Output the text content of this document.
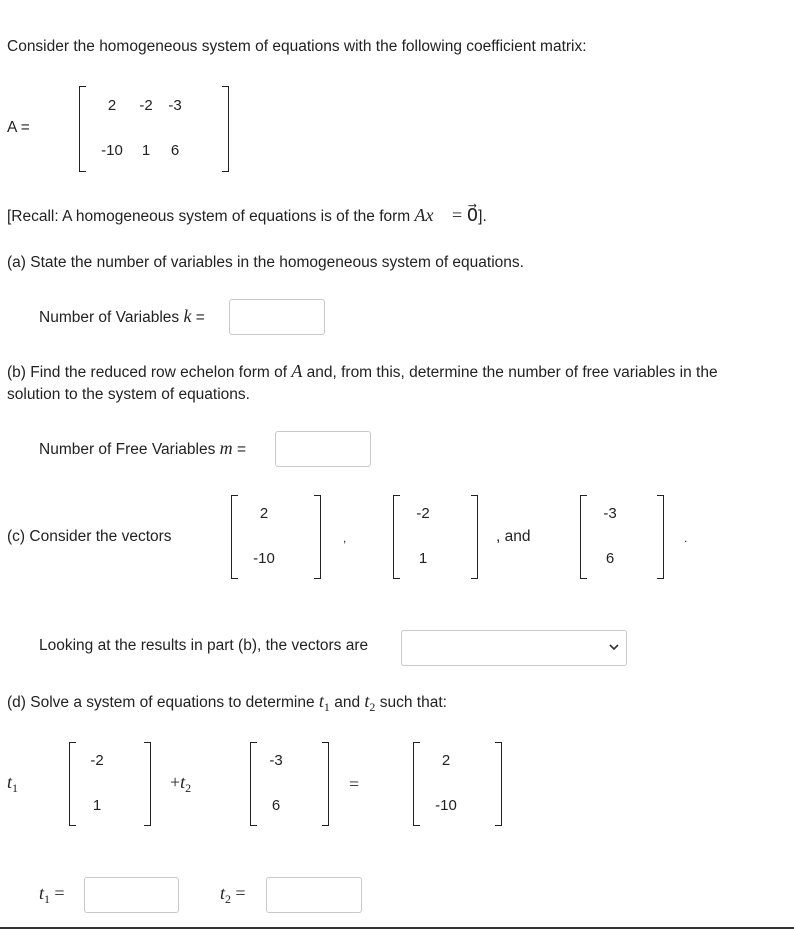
Consider the homogeneous system of equations with the following coefficient matrix:
A =
2	-2	-3
-10	1	6
[Recall: A homogeneous system of equations is of the form Ax⃗ = 0⃗].
(a) State the number of variables in the homogeneous system of equations.
Number of Variables k =
(b) Find the reduced row echelon form of A and, from this, determine the number of free variables in the
solution to the system of equations.
Number of Free Variables m =
(c) Consider the vectors
2
-10
,
-2
1
, and
-3
6
.
Looking at the results in part (b), the vectors are
(d) Solve a system of equations to determine $t_1$ and $t_2$ such that:
$t_1$
-2
1
$+t_2$
-3
6
=
2
-10
$t_1$ =	$t_2$ =
